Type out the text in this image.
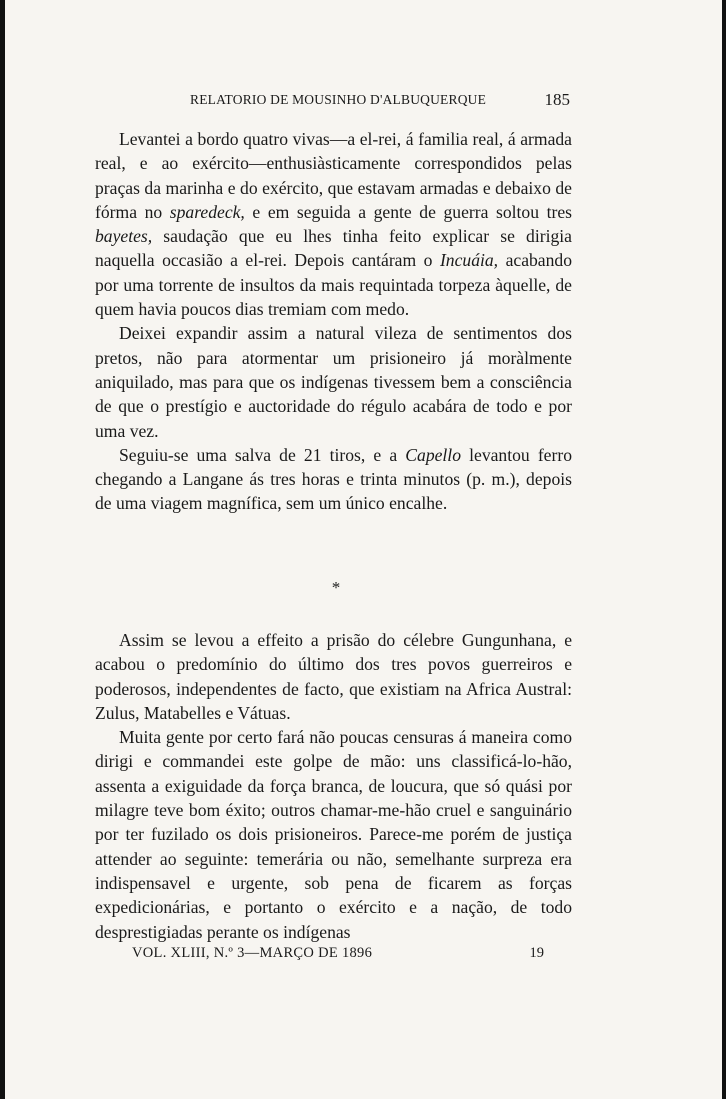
RELATORIO DE MOUSINHO D'ALBUQUERQUE	185

Levantei a bordo quatro vivas—a el-rei, á familia real, á armada real, e ao exército—enthusiàsticamente correspondidos pelas praças da marinha e do exército, que estavam armadas e debaixo de fórma no sparedeck, e em seguida a gente de guerra soltou tres bayetes, saudação que eu lhes tinha feito explicar se dirigia naquella occasião a el-rei. Depois cantáram o Incuáia, acabando por uma torrente de insultos da mais requintada torpeza àquelle, de quem havia poucos dias tremiam com medo.

Deixei expandir assim a natural vileza de sentimentos dos pretos, não para atormentar um prisioneiro já moràlmente aniquilado, mas para que os indígenas tivessem bem a consciência de que o prestígio e auctoridade do régulo acabára de todo e por uma vez.

Seguiu-se uma salva de 21 tiros, e a Capello levantou ferro chegando a Langane ás tres horas e trinta minutos (p. m.), depois de uma viagem magnífica, sem um único encalhe.

*

Assim se levou a effeito a prisão do célebre Gungunhana, e acabou o predomínio do último dos tres povos guerreiros e poderosos, independentes de facto, que existiam na Africa Austral: Zulus, Matabelles e Vátuas.

Muita gente por certo fará não poucas censuras á maneira como dirigi e commandei este golpe de mão: uns classificá-lo-hão, assenta a exiguidade da força branca, de loucura, que só quási por milagre teve bom éxito; outros chamar-me-hão cruel e sanguinário por ter fuzilado os dois prisioneiros. Parece-me porém de justiça attender ao seguinte: temerária ou não, semelhante surpreza era indispensavel e urgente, sob pena de ficarem as forças expedicionárias, e portanto o exército e a nação, de todo desprestigiadas perante os indígenas

VOL. XLIII, N.º 3—MARÇO DE 1896	19
